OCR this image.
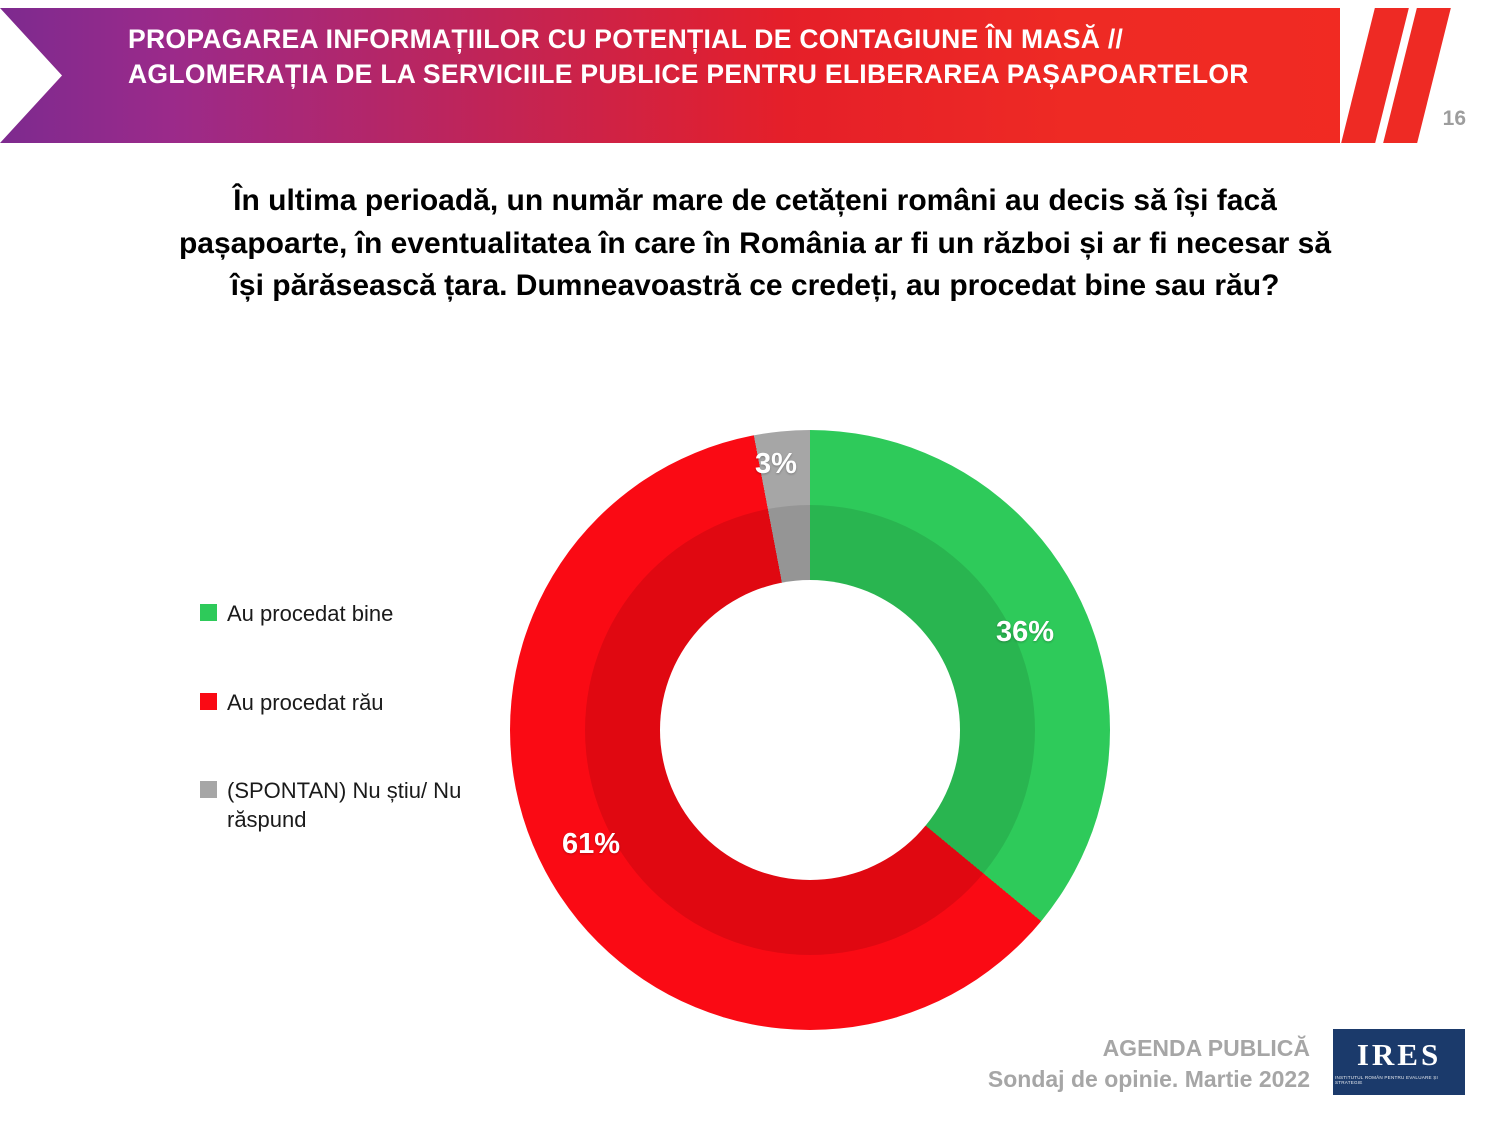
PROPAGAREA INFORMAȚIILOR CU POTENȚIAL DE CONTAGIUNE ÎN MASĂ // AGLOMERAȚIA DE LA SERVICIILE PUBLICE PENTRU ELIBERAREA PAȘAPOARTELOR
16
În ultima perioadă, un număr mare de cetățeni români au decis să își facă pașapoarte, în eventualitatea în care în România ar fi un război și ar fi necesar să își părăsească țara. Dumneavoastră ce credeți, au procedat bine sau rău?
Au procedat bine
Au procedat rău
(SPONTAN) Nu știu/ Nu răspund
36%
61%
3%
AGENDA PUBLICĂ
Sondaj de opinie. Martie 2022
IRES
INSTITUTUL ROMÂN PENTRU EVALUARE ȘI STRATEGIE
